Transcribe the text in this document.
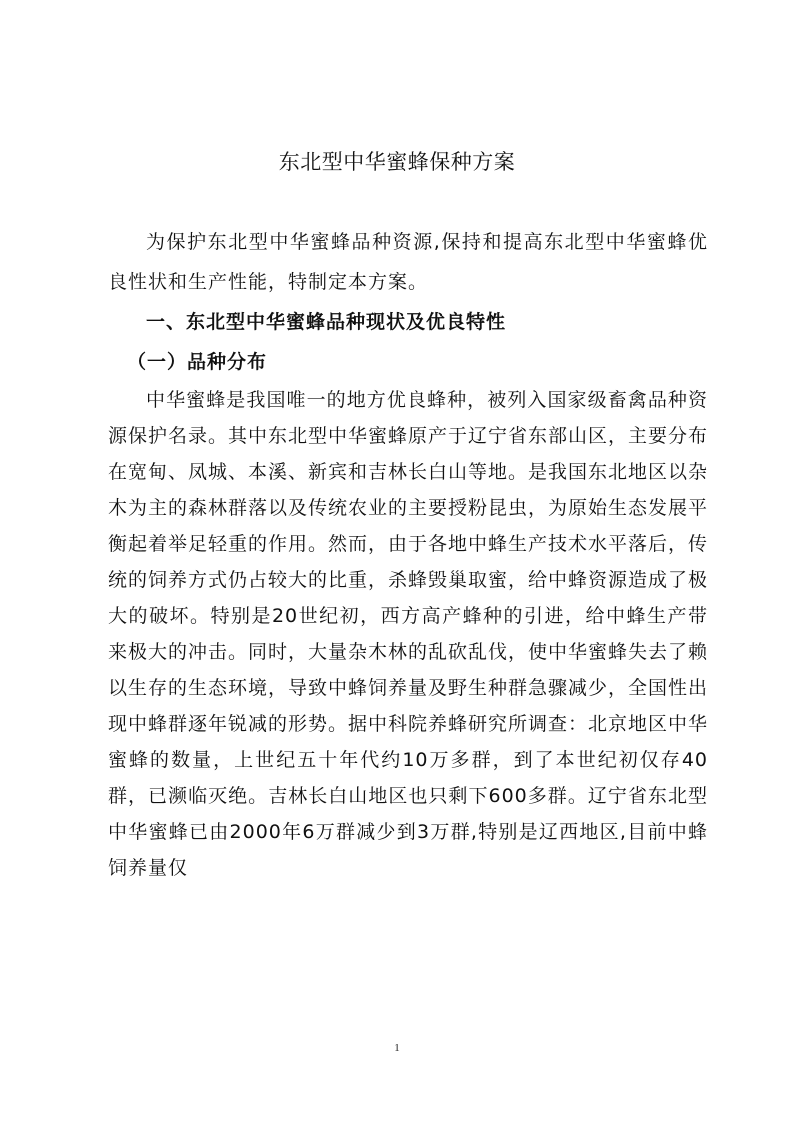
东北型中华蜜蜂保种方案

为保护东北型中华蜜蜂品种资源,保持和提高东北型中华蜜蜂优良性状和生产性能，特制定本方案。

一、东北型中华蜜蜂品种现状及优良特性

（一）品种分布

中华蜜蜂是我国唯一的地方优良蜂种，被列入国家级畜禽品种资源保护名录。其中东北型中华蜜蜂原产于辽宁省东部山区，主要分布在宽甸、凤城、本溪、新宾和吉林长白山等地。是我国东北地区以杂木为主的森林群落以及传统农业的主要授粉昆虫，为原始生态发展平衡起着举足轻重的作用。然而，由于各地中蜂生产技术水平落后，传统的饲养方式仍占较大的比重，杀蜂毁巢取蜜，给中蜂资源造成了极大的破坏。特别是20世纪初，西方高产蜂种的引进，给中蜂生产带来极大的冲击。同时，大量杂木林的乱砍乱伐，使中华蜜蜂失去了赖以生存的生态环境，导致中蜂饲养量及野生种群急骤减少，全国性出现中蜂群逐年锐减的形势。据中科院养蜂研究所调查：北京地区中华蜜蜂的数量，上世纪五十年代约10万多群，到了本世纪初仅存40群，已濒临灭绝。吉林长白山地区也只剩下600多群。辽宁省东北型中华蜜蜂已由2000年6万群减少到3万群,特别是辽西地区,目前中蜂饲养量仅

1
